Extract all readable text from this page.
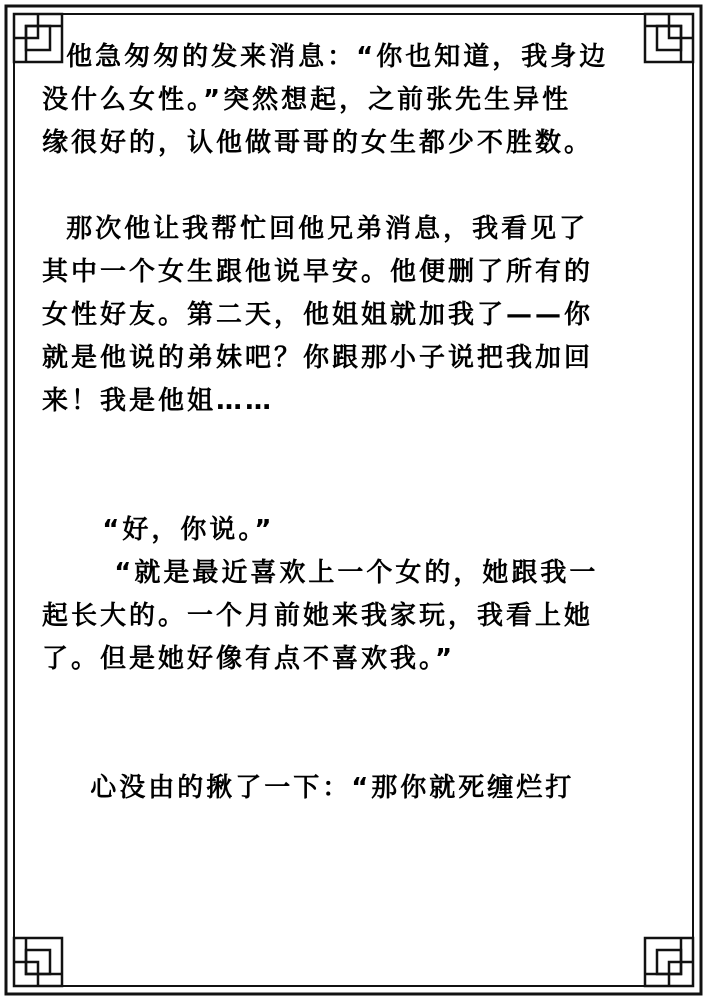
他急匆匆的发来消息：“你也知道，我身边

没什么女性。”突然想起，之前张先生异性

缘很好的，认他做哥哥的女生都少不胜数。

那次他让我帮忙回他兄弟消息，我看见了

其中一个女生跟他说早安。他便删了所有的

女性好友。第二天，他姐姐就加我了——你

就是他说的弟妹吧？你跟那小子说把我加回

来！我是他姐……

“好，你说。”

“就是最近喜欢上一个女的，她跟我一

起长大的。一个月前她来我家玩，我看上她

了。但是她好像有点不喜欢我。”

心没由的揪了一下：“那你就死缠烂打
